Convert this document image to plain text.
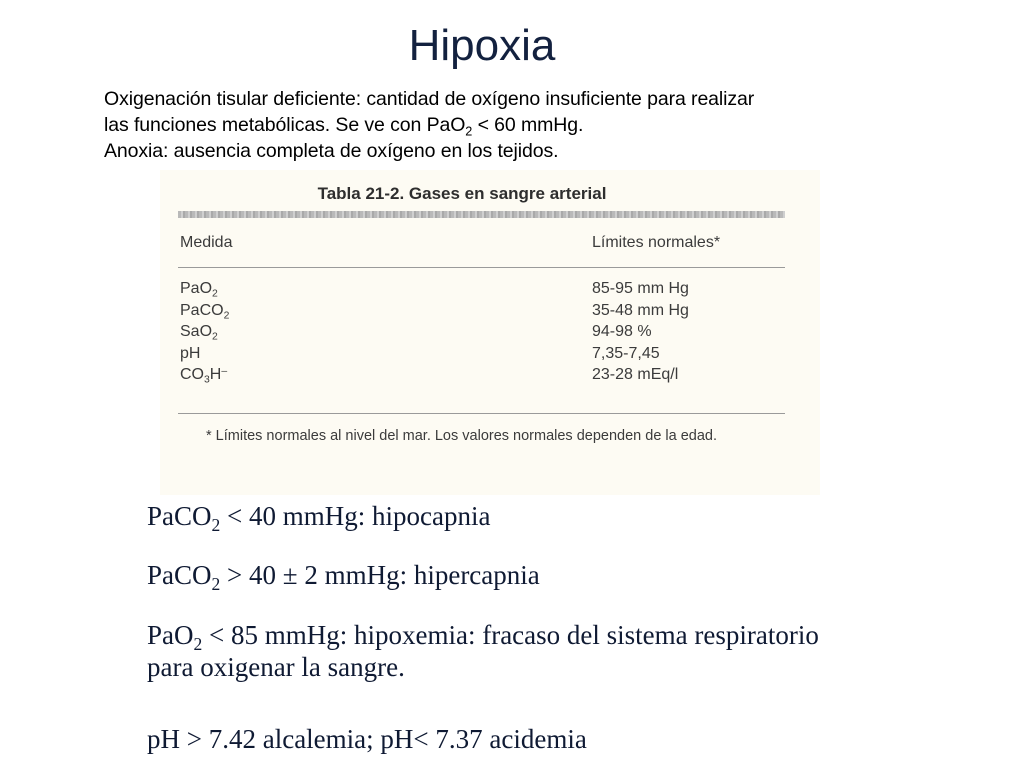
Hipoxia

Oxigenación tisular deficiente: cantidad de oxígeno insuficiente para realizar

las funciones metabólicas. Se ve con PaO$_2$ < 60 mmHg.

Anoxia: ausencia completa de oxígeno en los tejidos.

Tabla 21-2. Gases en sangre arterial
Medida	Límites normales*
PaO$_2$	85-95 mm Hg
PaCO$_2$	35-48 mm Hg
SaO$_2$	94-98 %
pH	7,35-7,45
$CO_3H^-$	23-28 mEq/l
* Límites normales al nivel del mar. Los valores normales dependen de la edad.

PaCO$_2$ < 40 mmHg: hipocapnia

PaCO$_2$ > 40 ± 2 mmHg: hipercapnia

PaO$_2$ < 85 mmHg: hipoxemia: fracaso del sistema respiratorio para oxigenar la sangre.

pH > 7.42 alcalemia; pH< 7.37 acidemia
